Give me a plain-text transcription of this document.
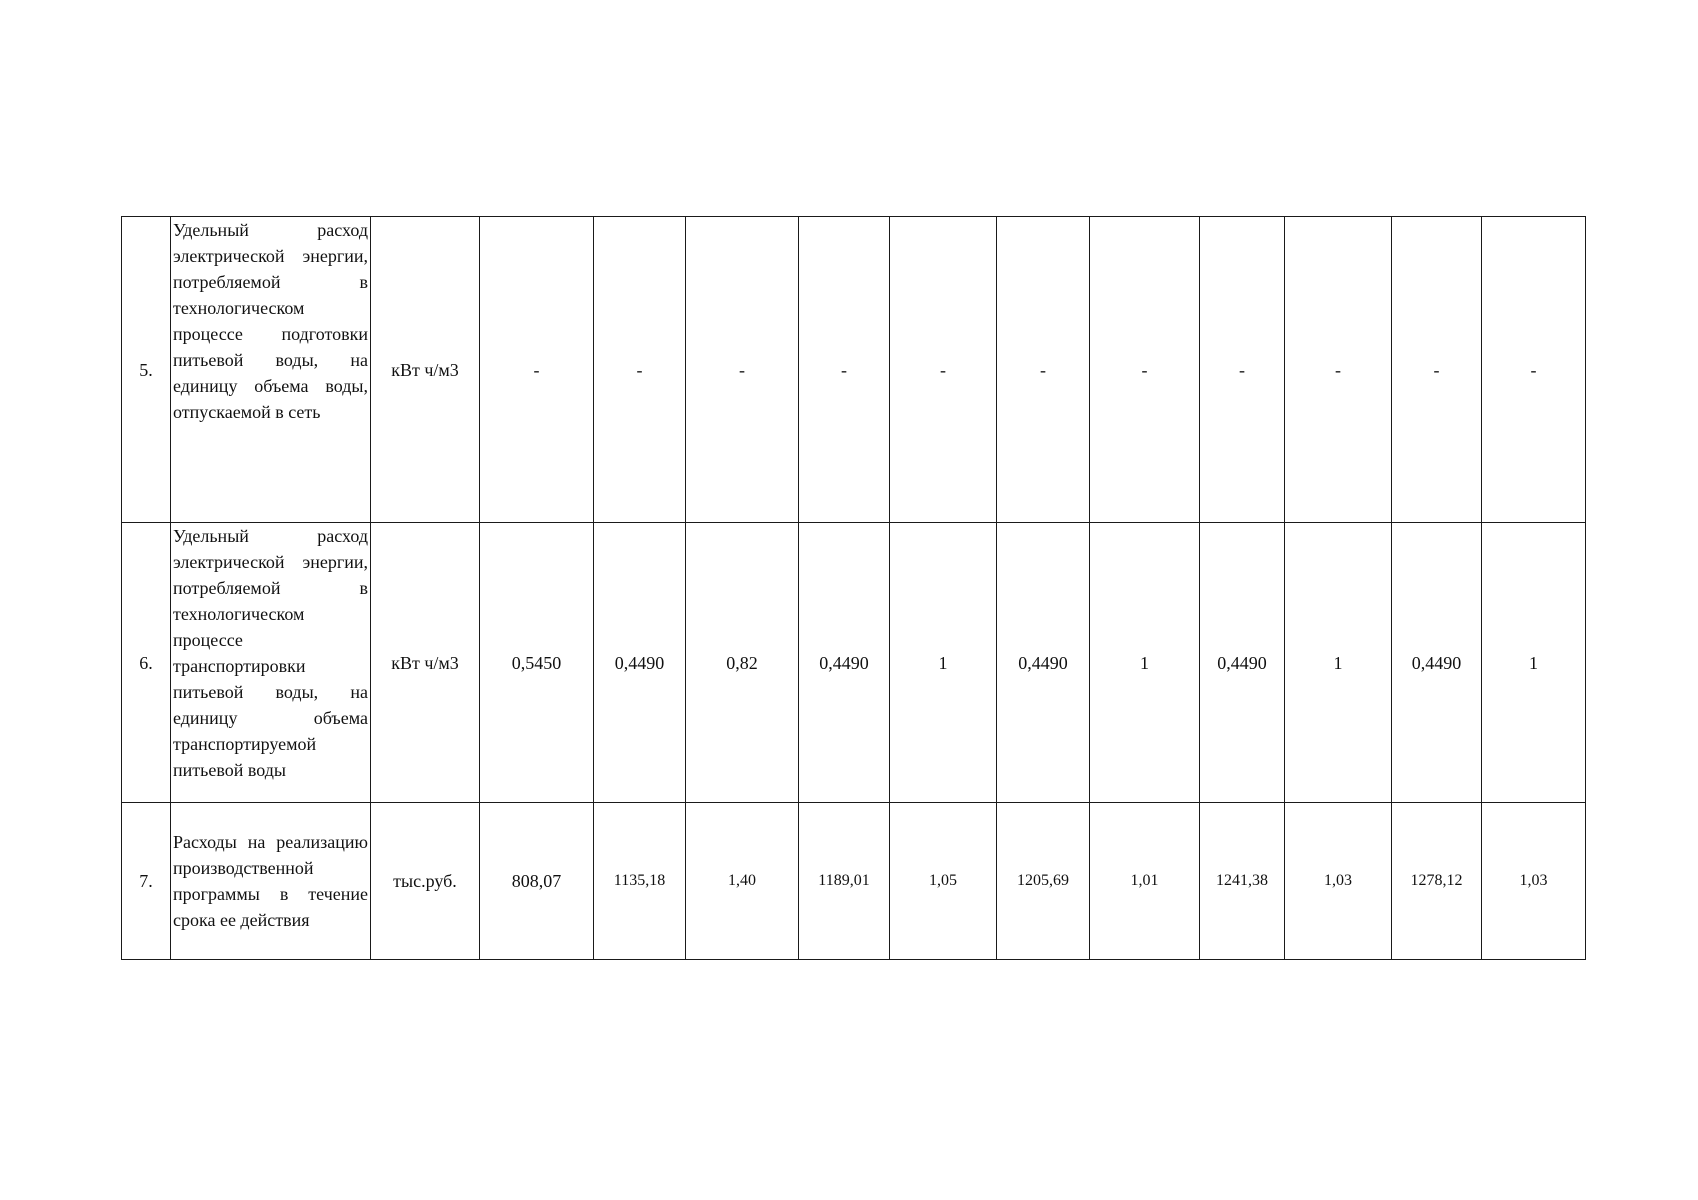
5.	Удельный расход электрической энергии, потребляемой в технологическом процессе подготовки питьевой воды, на единицу объема воды, отпускаемой в сеть	кВт ч/м3	-	-	-	-	-	-	-	-	-	-	-
6.	Удельный расход электрической энергии, потребляемой в технологическом процессе транспортировки питьевой воды, на единицу объема транспортируемой питьевой воды	кВт ч/м3	0,5450	0,4490	0,82	0,4490	1	0,4490	1	0,4490	1	0,4490	1
7.	Расходы на реализацию производственной программы в течение срока ее действия	тыс.руб.	808,07	1135,18	1,40	1189,01	1,05	1205,69	1,01	1241,38	1,03	1278,12	1,03
